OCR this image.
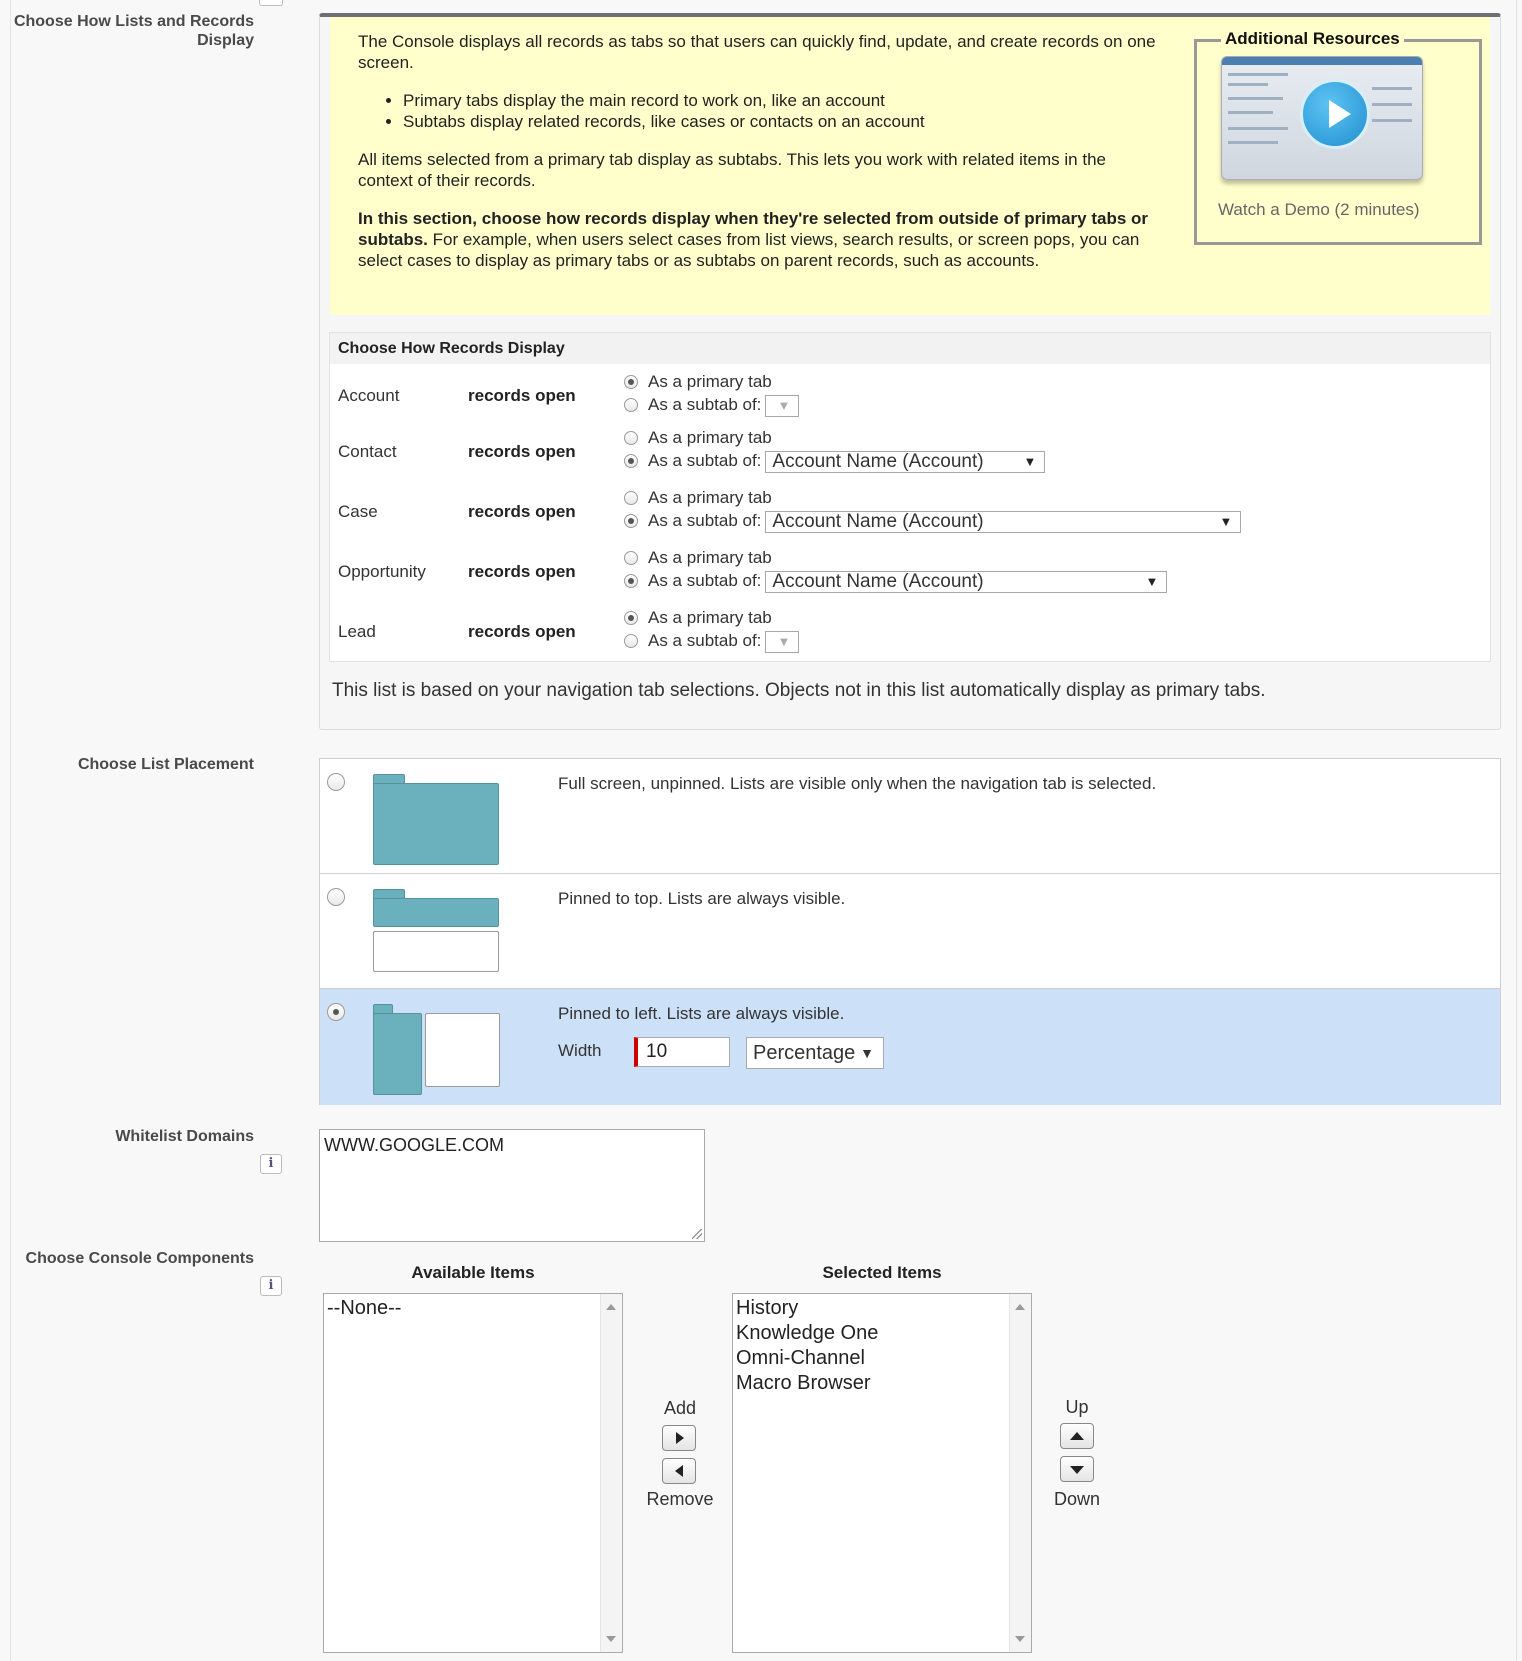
Choose How Lists and Records Display	The Console displays all records as tabs so that users can quickly find, update, and create records on one screen.

• Primary tabs display the main record to work on, like an account
• Subtabs display related records, like cases or contacts on an account

All items selected from a primary tab display as subtabs. This lets you work with related items in the context of their records.

In this section, choose how records display when they're selected from outside of primary tabs or subtabs. For example, when users select cases from list views, search results, or screen pops, you can select cases to display as primary tabs or as subtabs on parent records, such as accounts.

Additional Resources
Watch a Demo (2 minutes)
Choose How Records Display
Account	records open
As a primary tab
As a subtab of: ▼
Contact	records open
As a primary tab
As a subtab of: Account Name (Account)	▼
Case	records open
As a primary tab
As a subtab of: Account Name (Account)	▼
Opportunity records open
As a primary tab
As a subtab of: Account Name (Account)	▼
Lead	records open
As a primary tab
As a subtab of: ▼
This list is based on your navigation tab selections. Objects not in this list automatically display as primary tabs.
Choose List Placement
Full screen, unpinned. Lists are visible only when the navigation tab is selected.
Pinned to top. Lists are always visible.
Pinned to left. Lists are always visible.
Width	10	Percentage ▼
Whitelist Domains
i
WWW.GOOGLE.COM
Choose Console Components
i
Available Items	Selected Items
--None--
Add
Remove
History
Knowledge One
Omni-Channel
Macro Browser
Up
Down
